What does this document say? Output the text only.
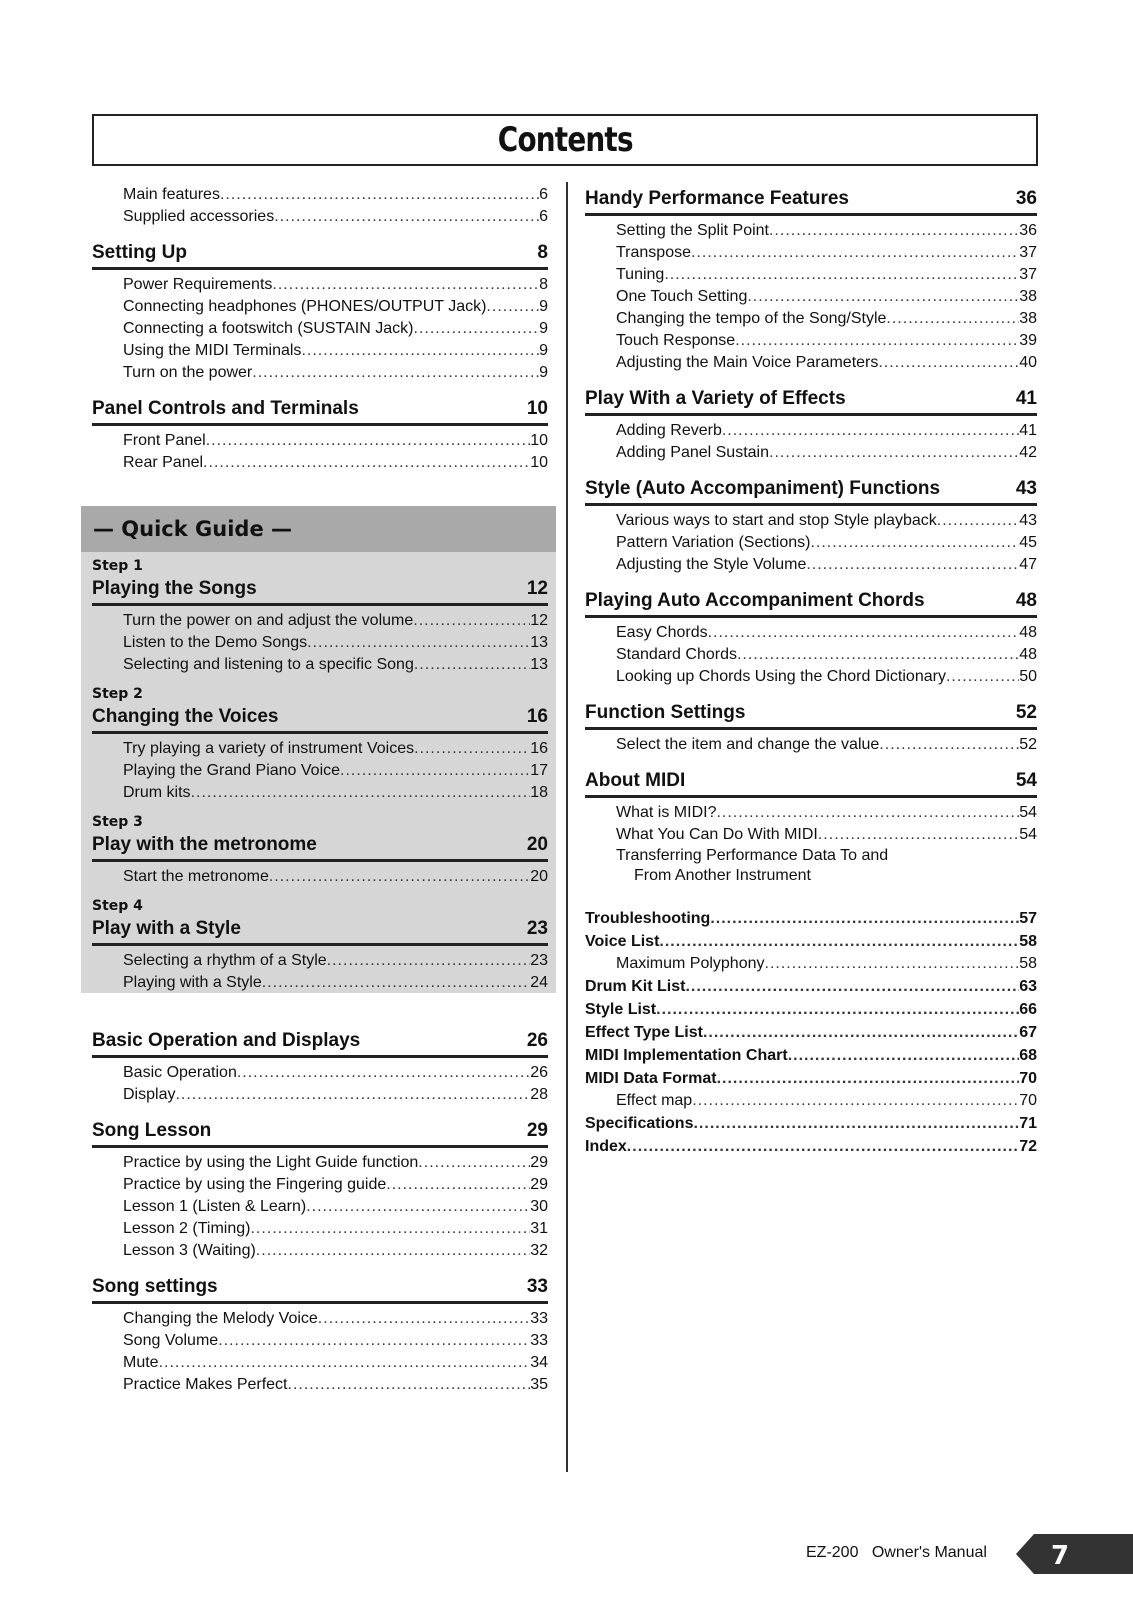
Contents
Main features .....	6
Supplied accessories .....	6
Setting Up	8
Power Requirements .....	8
Connecting headphones (PHONES/OUTPUT Jack) .....	9
Connecting a footswitch (SUSTAIN Jack) .....	9
Using the MIDI Terminals .....	9
Turn on the power .....	9
Panel Controls and Terminals	10
Front Panel .....	10
Rear Panel .....	10
— Quick Guide —
Step 1
Playing the Songs	12
Turn the power on and adjust the volume .....	12
Listen to the Demo Songs .....	13
Selecting and listening to a specific Song .....	13
Step 2
Changing the Voices	16
Try playing a variety of instrument Voices .....	16
Playing the Grand Piano Voice .....	17
Drum kits .....	18
Step 3
Play with the metronome	20
Start the metronome .....	20
Step 4
Play with a Style	23
Selecting a rhythm of a Style .....	23
Playing with a Style .....	24
Basic Operation and Displays	26
Basic Operation .....	26
Display .....	28
Song Lesson	29
Practice by using the Light Guide function .....	29
Practice by using the Fingering guide .....	29
Lesson 1 (Listen & Learn) .....	30
Lesson 2 (Timing) .....	31
Lesson 3 (Waiting) .....	32
Song settings	33
Changing the Melody Voice .....	33
Song Volume .....	33
Mute .....	34
Practice Makes Perfect .....	35
Handy Performance Features	36
Setting the Split Point .....	36
Transpose .....	37
Tuning .....	37
One Touch Setting .....	38
Changing the tempo of the Song/Style .....	38
Touch Response .....	39
Adjusting the Main Voice Parameters .....	40
Play With a Variety of Effects	41
Adding Reverb .....	41
Adding Panel Sustain .....	42
Style (Auto Accompaniment) Functions	43
Various ways to start and stop Style playback .....	43
Pattern Variation (Sections) .....	45
Adjusting the Style Volume .....	47
Playing Auto Accompaniment Chords	48
Easy Chords .....	48
Standard Chords .....	48
Looking up Chords Using the Chord Dictionary .....	50
Function Settings	52
Select the item and change the value .....	52
About MIDI	54
What is MIDI? .....	54
What You Can Do With MIDI .....	54
Transferring Performance Data To and
From Another Instrument
.....
Troubleshooting .....	57
Voice List .....	58
Maximum Polyphony .....	58
Drum Kit List .....	63
Style List .....	66
Effect Type List .....	67
MIDI Implementation Chart .....	68
MIDI Data Format .....	70
Effect map .....	70
Specifications .....	71
Index .....	72
EZ-200 Owner's Manual 7
